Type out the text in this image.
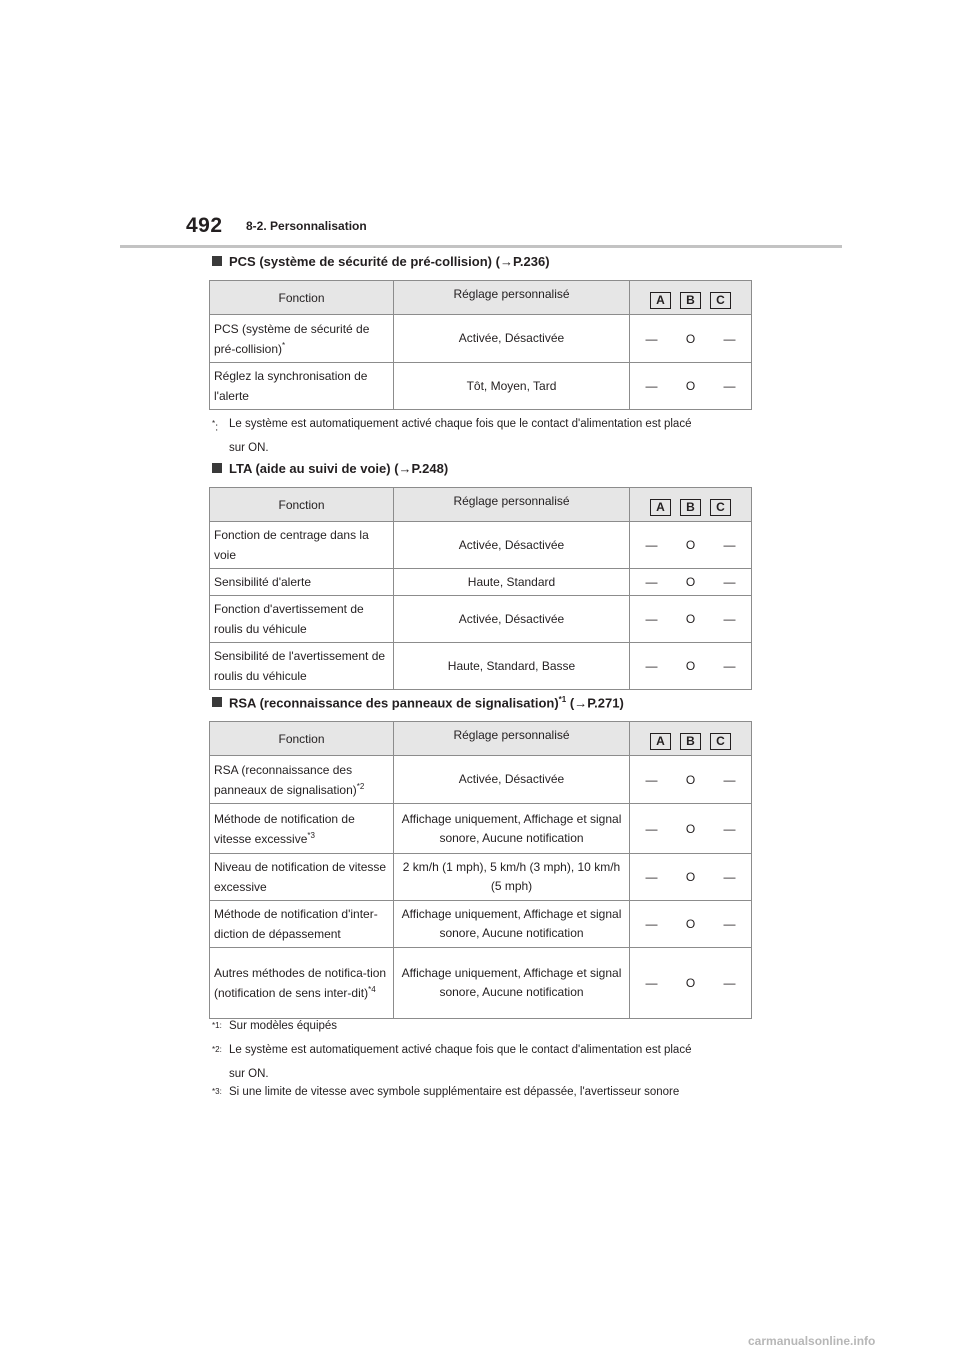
492 8-2. Personnalisation
PCS (système de sécurité de pré-collision) (→P.236)
Fonction	Réglage personnalisé	A B C

PCS (système de sécurité de pré-collision)*	Activée, Désactivée	— O —

Réglez la synchronisation de l'alerte	Tôt, Moyen, Tard	— O —
*: Le système est automatiquement activé chaque fois que le contact d'alimentation est placé
sur ON.
LTA (aide au suivi de voie) (→P.248)
Fonction	Réglage personnalisé	A B C

Fonction de centrage dans la voie	Activée, Désactivée	— O —

Sensibilité d'alerte	Haute, Standard	— O —

Fonction d'avertissement de roulis du véhicule	Activée, Désactivée	— O —

Sensibilité de l'avertissement de roulis du véhicule	Haute, Standard, Basse	— O —
RSA (reconnaissance des panneaux de signalisation)$^{*1}$ (→P.271)
Fonction	Réglage personnalisé	A B C

RSA (reconnaissance des panneaux de signalisation)$^{*2}$	Activée, Désactivée	— O —

Méthode de notification de vitesse excessive$^{*3}$	Affichage uniquement, Affichage et signal sonore, Aucune notification	— O —

Niveau de notification de vitesse excessive	2 km/h (1 mph), 5 km/h (3 mph), 10 km/h (5 mph)	— O —

Méthode de notification d'inter-diction de dépassement	Affichage uniquement, Affichage et signal sonore, Aucune notification	— O —

Autres méthodes de notifica-tion (notification de sens inter-dit)$^{*4}$	Affichage uniquement, Affichage et signal sonore, Aucune notification	— O —
$^{*1:}$ Sur modèles équipés
$^{*2:}$ Le système est automatiquement activé chaque fois que le contact d'alimentation est placé
sur ON.
$^{*3:}$ Si une limite de vitesse avec symbole supplémentaire est dépassée, l'avertisseur sonore
carmanualsonline.info
